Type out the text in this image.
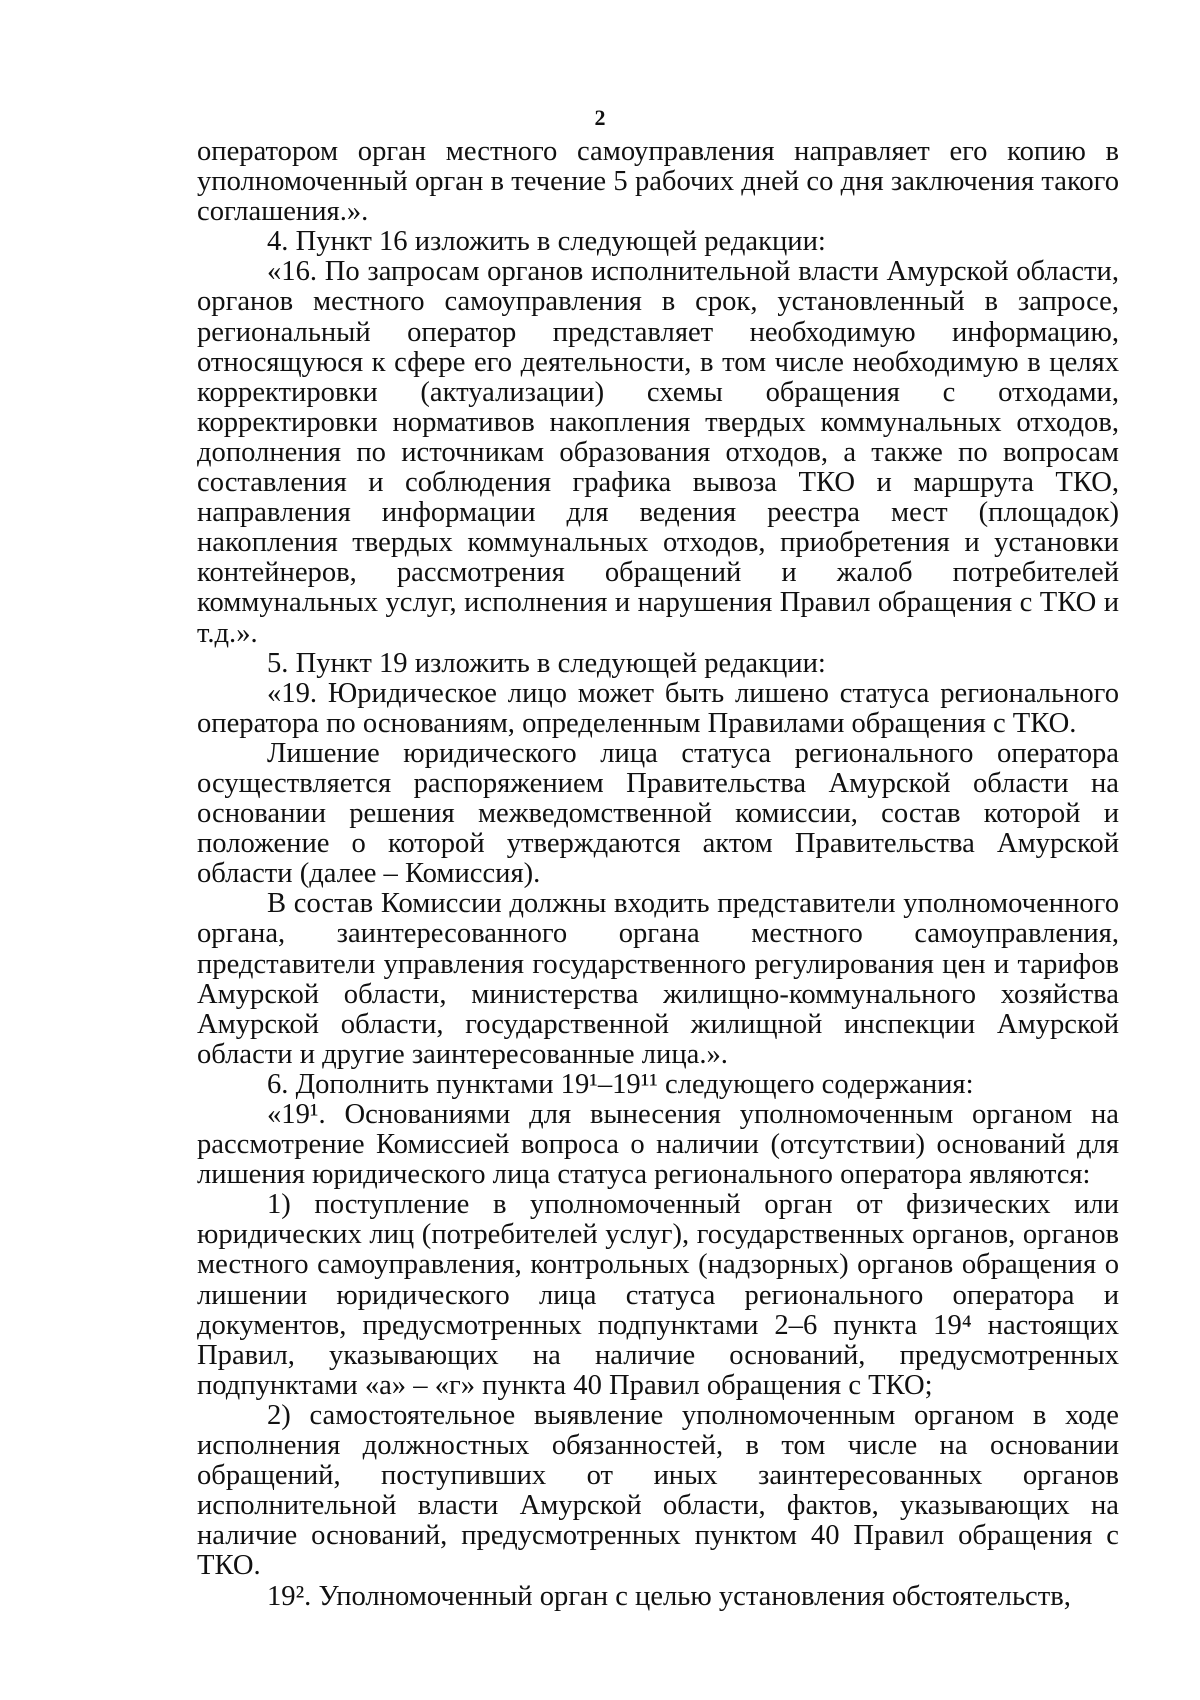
2

оператором орган местного самоуправления направляет его копию в уполномоченный орган в течение 5 рабочих дней со дня заключения такого соглашения.».

4. Пункт 16 изложить в следующей редакции:

«16. По запросам органов исполнительной власти Амурской области, органов местного самоуправления в срок, установленный в запросе, региональный оператор представляет необходимую информацию, относящуюся к сфере его деятельности, в том числе необходимую в целях корректировки (актуализации) схемы обращения с отходами, корректировки нормативов накопления твердых коммунальных отходов, дополнения по источникам образования отходов, а также по вопросам составления и соблюдения графика вывоза ТКО и маршрута ТКО, направления информации для ведения реестра мест (площадок) накопления твердых коммунальных отходов, приобретения и установки контейнеров, рассмотрения обращений и жалоб потребителей коммунальных услуг, исполнения и нарушения Правил обращения с ТКО и т.д.».

5. Пункт 19 изложить в следующей редакции:

«19. Юридическое лицо может быть лишено статуса регионального оператора по основаниям, определенным Правилами обращения с ТКО.

Лишение юридического лица статуса регионального оператора осуществляется распоряжением Правительства Амурской области на основании решения межведомственной комиссии, состав которой и положение о которой утверждаются актом Правительства Амурской области (далее – Комиссия).

В состав Комиссии должны входить представители уполномоченного органа, заинтересованного органа местного самоуправления, представители управления государственного регулирования цен и тарифов Амурской области, министерства жилищно-коммунального хозяйства Амурской области, государственной жилищной инспекции Амурской области и другие заинтересованные лица.».

6. Дополнить пунктами 19¹–19¹¹ следующего содержания:

«19¹. Основаниями для вынесения уполномоченным органом на рассмотрение Комиссией вопроса о наличии (отсутствии) оснований для лишения юридического лица статуса регионального оператора являются:

1) поступление в уполномоченный орган от физических или юридических лиц (потребителей услуг), государственных органов, органов местного самоуправления, контрольных (надзорных) органов обращения о лишении юридического лица статуса регионального оператора и документов, предусмотренных подпунктами 2–6 пункта 19⁴ настоящих Правил, указывающих на наличие оснований, предусмотренных подпунктами «а» – «г» пункта 40 Правил обращения с ТКО;

2) самостоятельное выявление уполномоченным органом в ходе исполнения должностных обязанностей, в том числе на основании обращений, поступивших от иных заинтересованных органов исполнительной власти Амурской области, фактов, указывающих на наличие оснований, предусмотренных пунктом 40 Правил обращения с ТКО.

19². Уполномоченный орган с целью установления обстоятельств,
